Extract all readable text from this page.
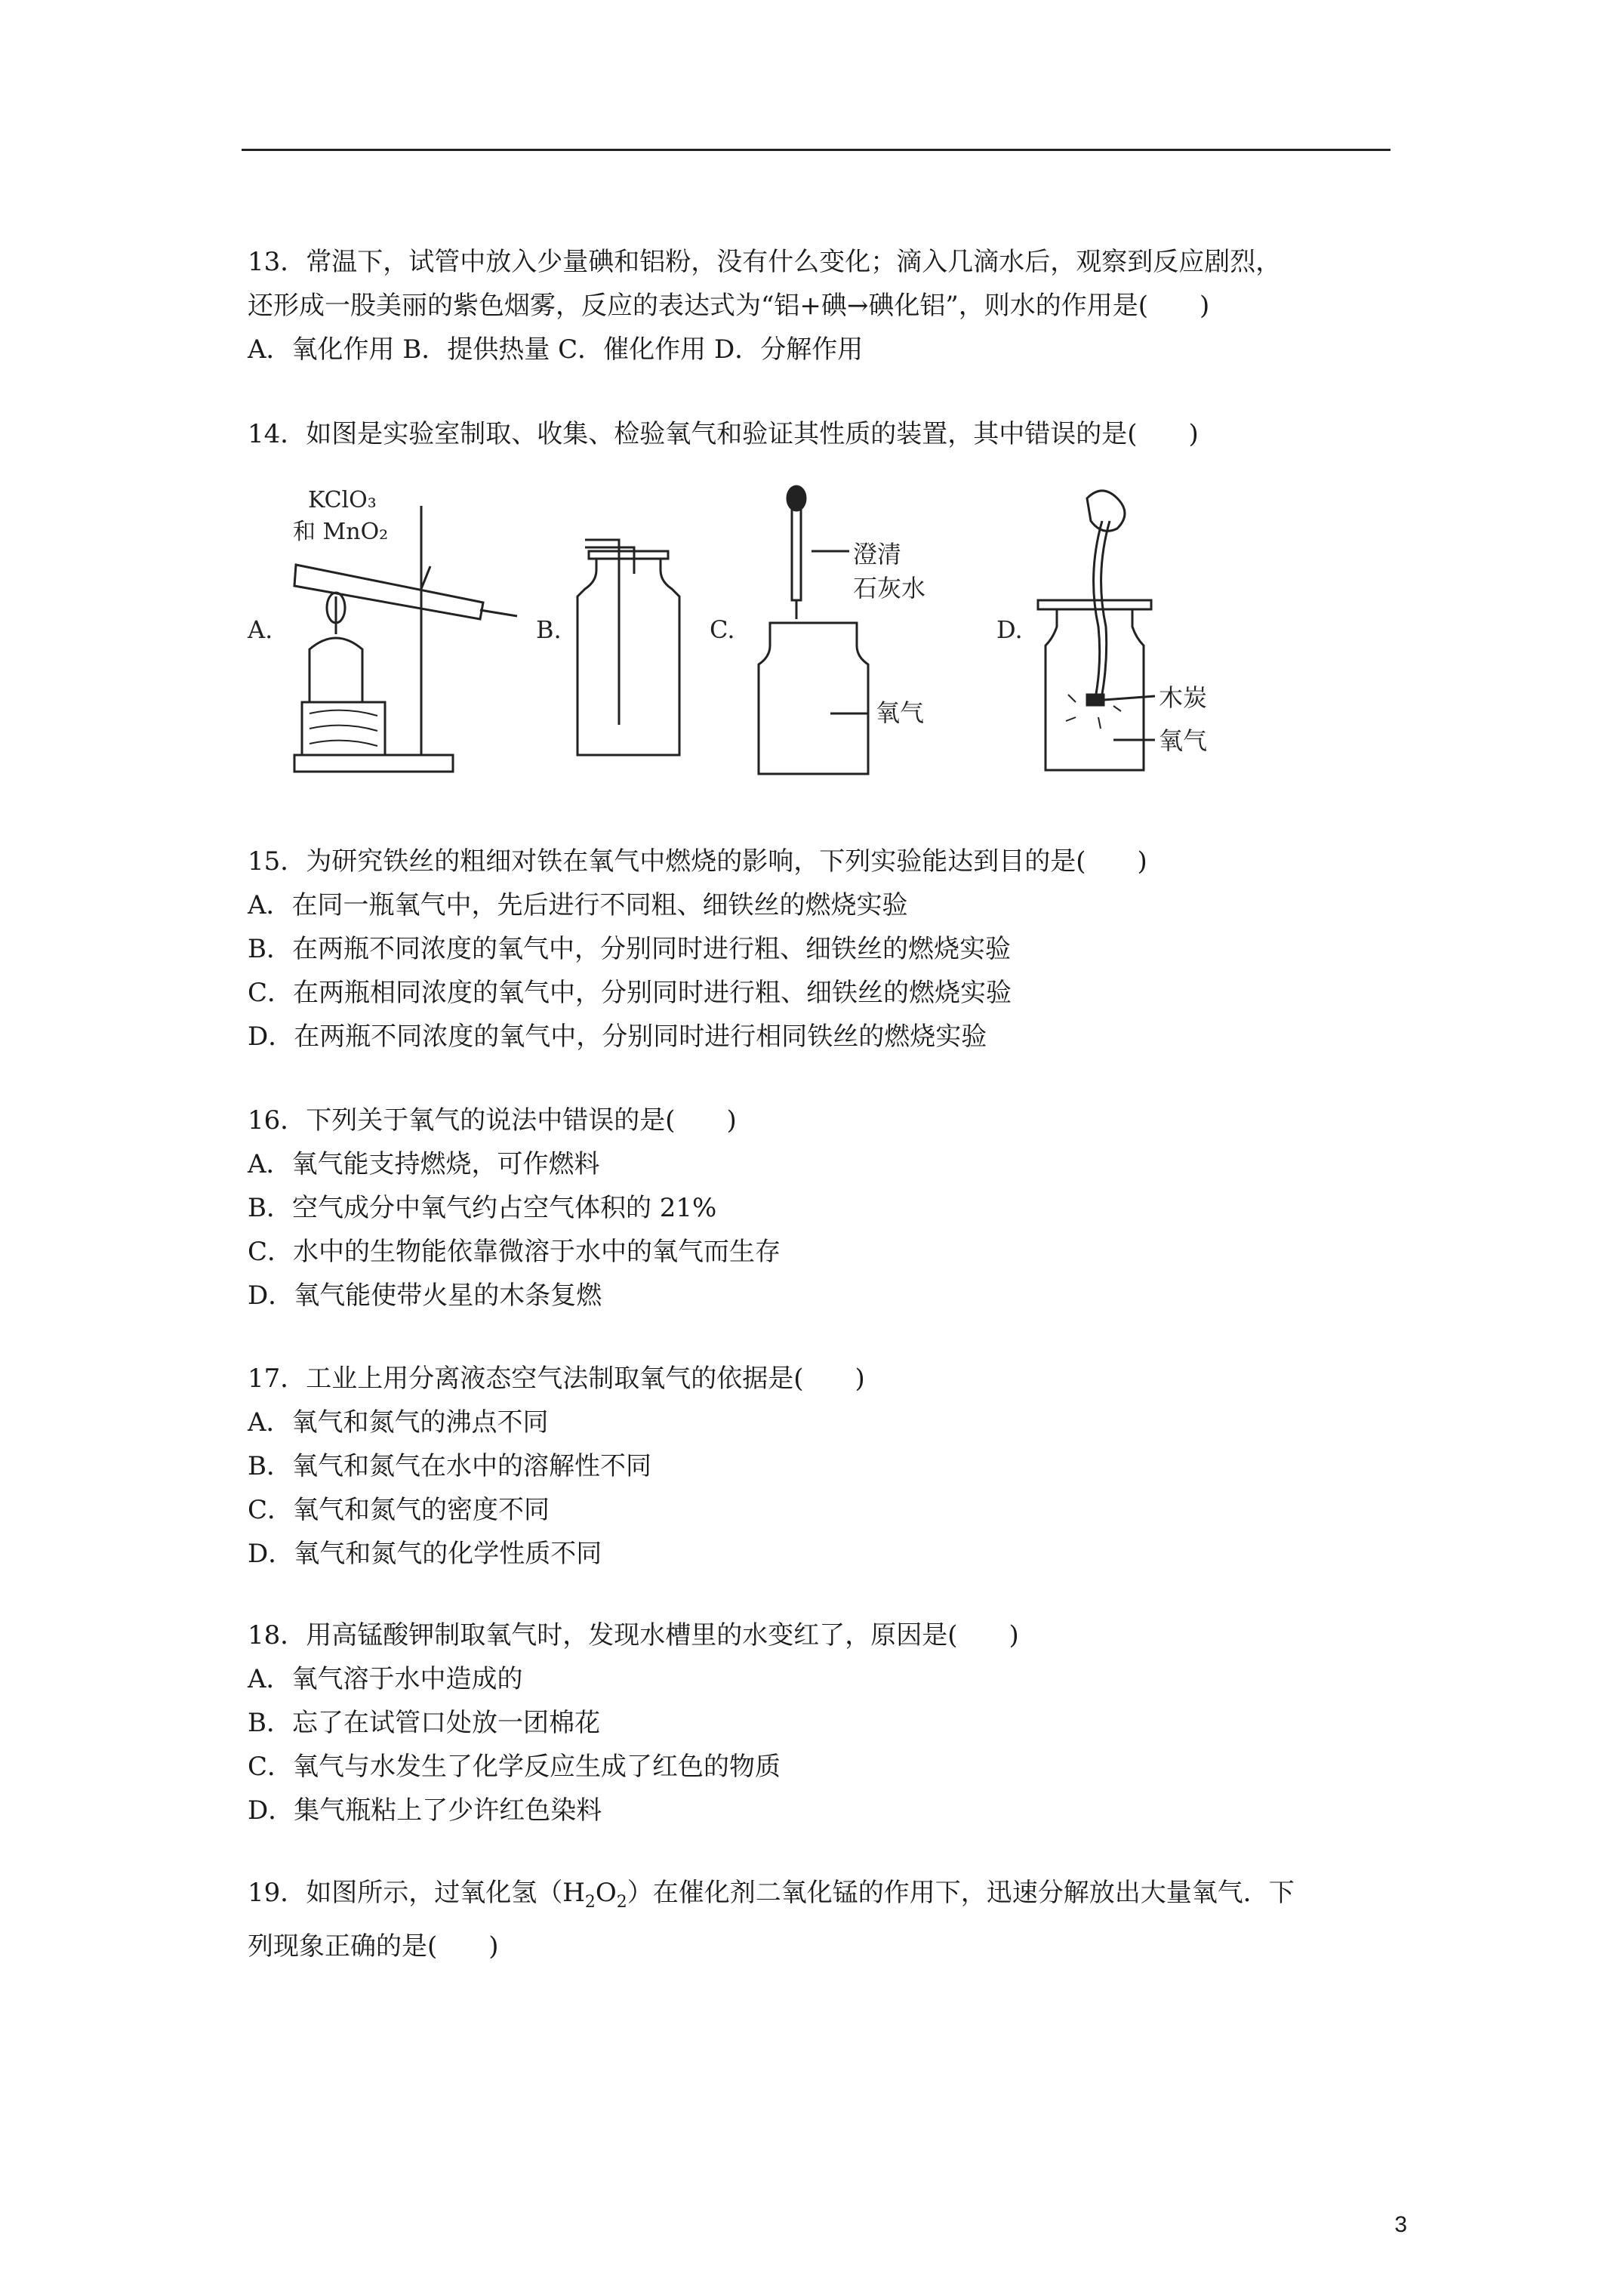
13．常温下，试管中放入少量碘和铝粉，没有什么变化；滴入几滴水后，观察到反应剧烈，
还形成一股美丽的紫色烟雾，反应的表达式为“铝+碘→碘化铝”，则水的作用是(　　)
A．氧化作用 B．提供热量 C．催化作用 D．分解作用
14．如图是实验室制取、收集、检验氧气和验证其性质的装置，其中错误的是(　　)
A.
KClO₃
和 MnO₂
B.	C.
澄清
石灰水
氧气
D.
木炭
氧气
15．为研究铁丝的粗细对铁在氧气中燃烧的影响，下列实验能达到目的是(　　)
A．在同一瓶氧气中，先后进行不同粗、细铁丝的燃烧实验
B．在两瓶不同浓度的氧气中，分别同时进行粗、细铁丝的燃烧实验
C．在两瓶相同浓度的氧气中，分别同时进行粗、细铁丝的燃烧实验
D．在两瓶不同浓度的氧气中，分别同时进行相同铁丝的燃烧实验
16．下列关于氧气的说法中错误的是(　　)
A．氧气能支持燃烧，可作燃料
B．空气成分中氧气约占空气体积的 21%
C．水中的生物能依靠微溶于水中的氧气而生存
D．氧气能使带火星的木条复燃
17．工业上用分离液态空气法制取氧气的依据是(　　)
A．氧气和氮气的沸点不同
B．氧气和氮气在水中的溶解性不同
C．氧气和氮气的密度不同
D．氧气和氮气的化学性质不同
18．用高锰酸钾制取氧气时，发现水槽里的水变红了，原因是(　　)
A．氧气溶于水中造成的
B．忘了在试管口处放一团棉花
C．氧气与水发生了化学反应生成了红色的物质
D．集气瓶粘上了少许红色染料
19．如图所示，过氧化氢$(H_2O_2)$在催化剂二氧化锰的作用下，迅速分解放出大量氧气．下
列现象正确的是(　　)
3
